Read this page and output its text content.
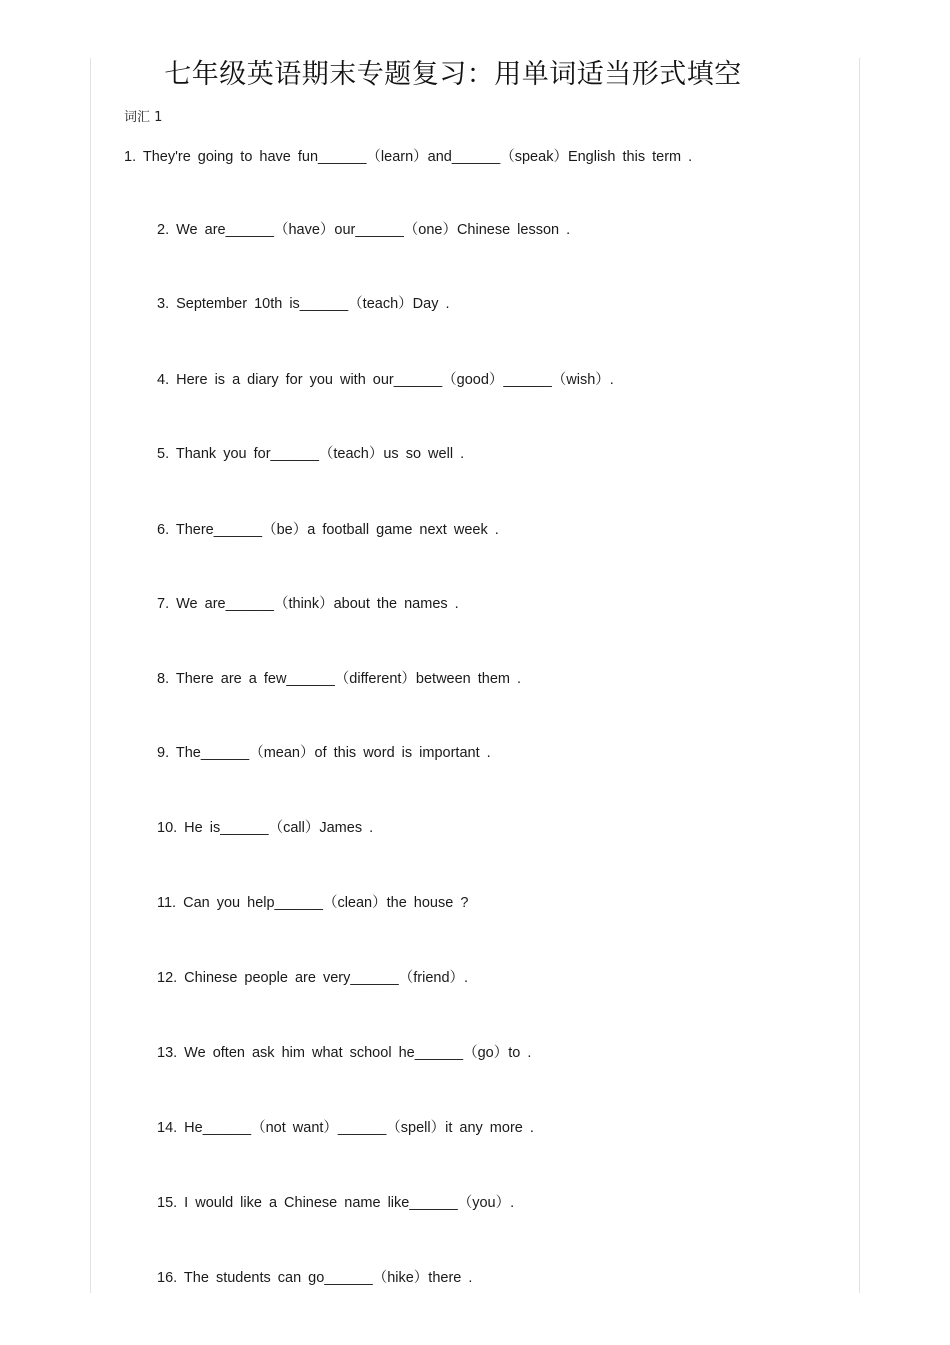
七年级英语期末专题复习：用单词适当形式填空
词汇 1
1. They're going to have fun______（learn）and______（speak）English this term .
2. We are______（have）our______（one）Chinese lesson .
3. September 10th is______（teach）Day .
4. Here is a diary for you with our______（good）______（wish）.
5. Thank you for______（teach）us so well .
6. There______（be）a football game next week .
7. We are______（think）about the names .
8. There are a few______（different）between them .
9. The______（mean）of this word is important .
10. He is______（call）James .
11. Can you help______（clean）the house ?
12. Chinese people are very______（friend）.
13. We often ask him what school he______（go）to .
14. He______（not want）______（spell）it any more .
15. I would like a Chinese name like______（you）.
16. The students can go______（hike）there .
